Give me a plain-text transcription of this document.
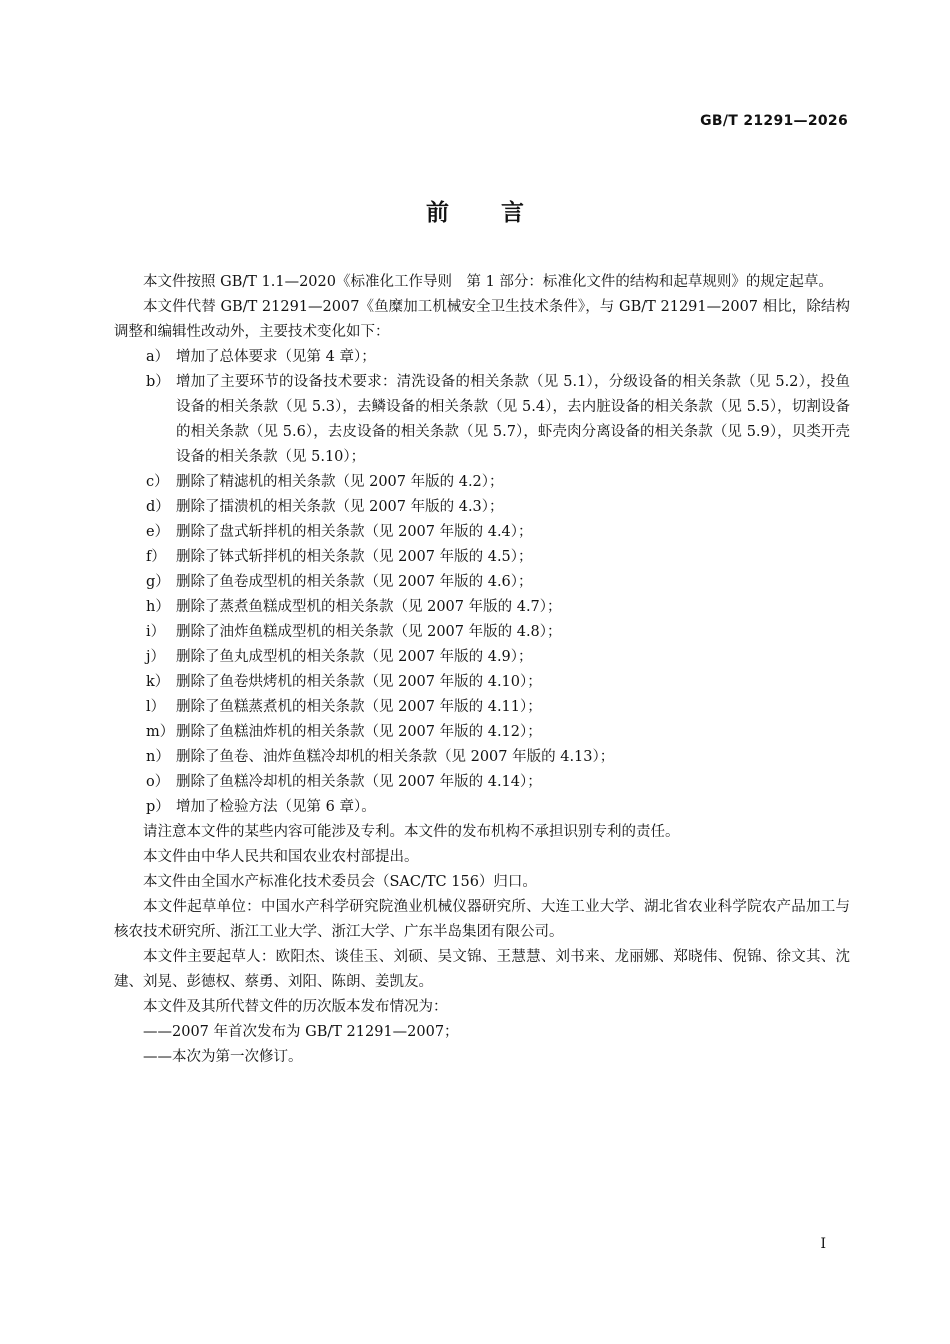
GB/T 21291—2026
前 言

本文件按照 GB/T 1.1—2020《标准化工作导则　第 1 部分：标准化文件的结构和起草规则》的规定起草。

本文件代替 GB/T 21291—2007《鱼糜加工机械安全卫生技术条件》，与 GB/T 21291—2007 相比，除结构调整和编辑性改动外，主要技术变化如下：

a） 增加了总体要求（见第 4 章）；
b） 增加了主要环节的设备技术要求：清洗设备的相关条款（见 5.1），分级设备的相关条款（见 5.2），投鱼设备的相关条款（见 5.3），去鳞设备的相关条款（见 5.4），去内脏设备的相关条款（见 5.5），切割设备的相关条款（见 5.6），去皮设备的相关条款（见 5.7），虾壳肉分离设备的相关条款（见 5.9），贝类开壳设备的相关条款（见 5.10）；
c） 删除了精滤机的相关条款（见 2007 年版的 4.2）；
d） 删除了擂溃机的相关条款（见 2007 年版的 4.3）；
e） 删除了盘式斩拌机的相关条款（见 2007 年版的 4.4）；
f） 删除了钵式斩拌机的相关条款（见 2007 年版的 4.5）；
g） 删除了鱼卷成型机的相关条款（见 2007 年版的 4.6）；
h） 删除了蒸煮鱼糕成型机的相关条款（见 2007 年版的 4.7）；
i） 删除了油炸鱼糕成型机的相关条款（见 2007 年版的 4.8）；
j） 删除了鱼丸成型机的相关条款（见 2007 年版的 4.9）；
k） 删除了鱼卷烘烤机的相关条款（见 2007 年版的 4.10）；
l） 删除了鱼糕蒸煮机的相关条款（见 2007 年版的 4.11）；
m） 删除了鱼糕油炸机的相关条款（见 2007 年版的 4.12）；
n） 删除了鱼卷、油炸鱼糕冷却机的相关条款（见 2007 年版的 4.13）；
o） 删除了鱼糕冷却机的相关条款（见 2007 年版的 4.14）；
p） 增加了检验方法（见第 6 章）。

请注意本文件的某些内容可能涉及专利。本文件的发布机构不承担识别专利的责任。

本文件由中华人民共和国农业农村部提出。

本文件由全国水产标准化技术委员会（SAC/TC 156）归口。

本文件起草单位：中国水产科学研究院渔业机械仪器研究所、大连工业大学、湖北省农业科学院农产品加工与核农技术研究所、浙江工业大学、浙江大学、广东半岛集团有限公司。

本文件主要起草人：欧阳杰、谈佳玉、刘硕、吴文锦、王慧慧、刘书来、龙丽娜、郑晓伟、倪锦、徐文其、沈建、刘晃、彭德权、蔡勇、刘阳、陈朗、姜凯友。

本文件及其所代替文件的历次版本发布情况为：

——2007 年首次发布为 GB/T 21291—2007；

——本次为第一次修订。

I
